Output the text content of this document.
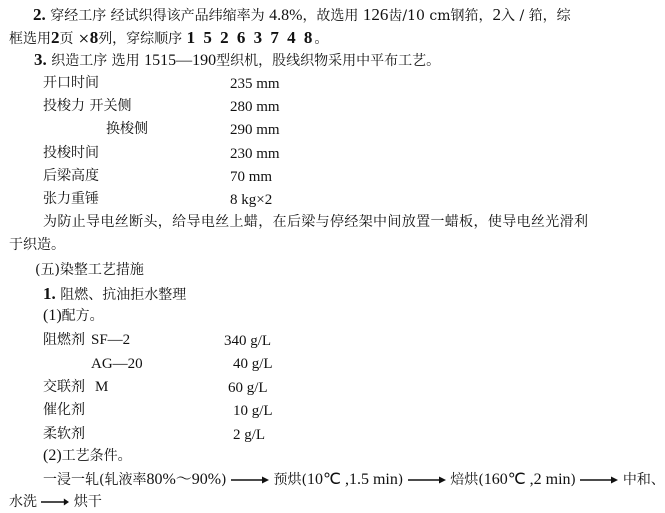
2. 穿经工序 经试织得该产品纬缩率为 4.8%，故选用 126齿/10 cm钢筘，2入 / 筘，综
框选用2页 ×8列，穿综顺序 1 5 2 6 3 7 4 8。
3. 织造工序 选用 1515—190型织机，股线织物采用中平布工艺。
开口时间	235 mm
投梭力 开关侧	280 mm
换梭侧	290 mm
投梭时间	230 mm
后梁高度	70 mm
张力重锤	8 kg×2
为防止导电丝断头，给导电丝上蜡，在后梁与停经架中间放置一蜡板，使导电丝光滑利
于织造。
(五)染整工艺措施
1. 阻燃、抗油拒水整理
(1)配方。
阻燃剂 SF—2	340 g/L
AG—20	40 g/L
交联剂 M	60 g/L
催化剂	10 g/L
柔软剂	2 g/L
(2)工艺条件。
一浸一轧(轧液率80%～90%)	预烘(10℃ ,1.5 min)	焙烘(160℃ ,2 min)	中和、
水洗	烘干
